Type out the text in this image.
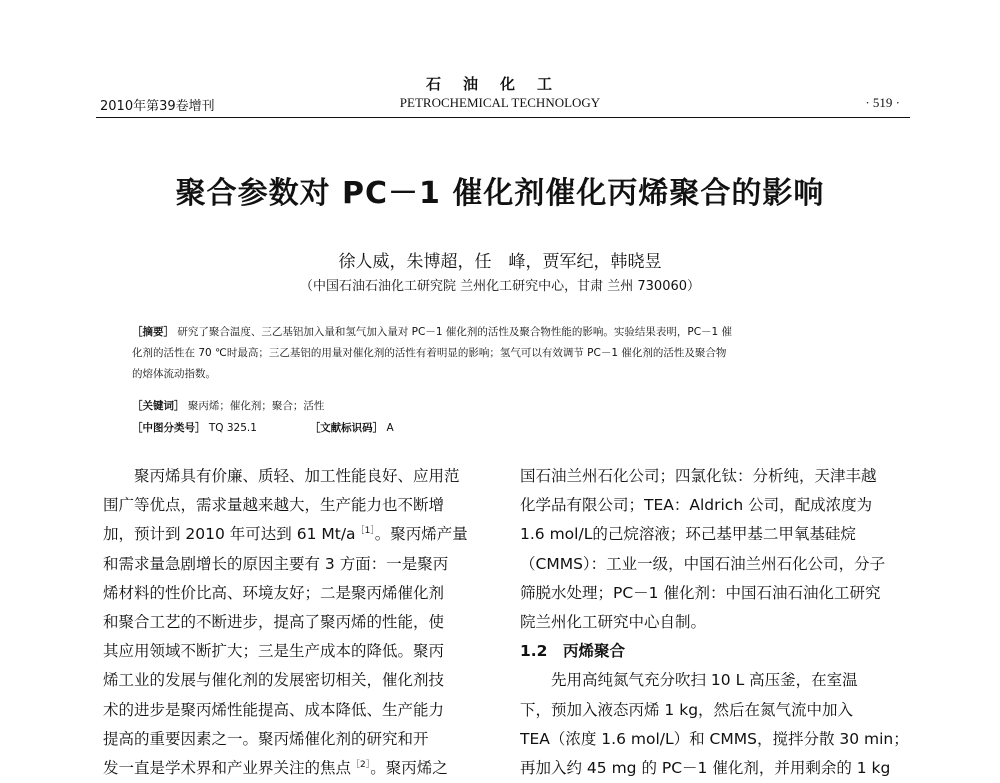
石油化工
PETROCHEMICAL TECHNOLOGY
2010年第39卷增刊	· 519 ·
聚合参数对 PC－1 催化剂催化丙烯聚合的影响
徐人威，朱博超，任　峰，贾军纪，韩晓昱
（中国石油石油化工研究院 兰州化工研究中心，甘肃 兰州 730060）
［摘要］ 研究了聚合温度、三乙基铝加入量和氢气加入量对 PC－1 催化剂的活性及聚合物性能的影响。实验结果表明，PC－1 催
化剂的活性在 70 ℃时最高；三乙基铝的用量对催化剂的活性有着明显的影响；氢气可以有效调节 PC－1 催化剂的活性及聚合物
的熔体流动指数。
［关键词］ 聚丙烯；催化剂；聚合；活性
［中图分类号］ TQ 325.1	［文献标识码］ A
聚丙烯具有价廉、质轻、加工性能良好、应用范
围广等优点，需求量越来越大，生产能力也不断增
加，预计到 2010 年可达到 61 $Mt/a^{[1]}$。聚丙烯产量
和需求量急剧增长的原因主要有 3 方面：一是聚丙
烯材料的性价比高、环境友好；二是聚丙烯催化剂
和聚合工艺的不断进步，提高了聚丙烯的性能，使
其应用领域不断扩大；三是生产成本的降低。聚丙
烯工业的发展与催化剂的发展密切相关，催化剂技
术的进步是聚丙烯性能提高、成本降低、生产能力
提高的重要因素之一。聚丙烯催化剂的研究和开
发一直是学术界和产业界关注的焦点$^{[2]}$。聚丙烯之
国石油兰州石化公司；四氯化钛：分析纯，天津丰越
化学品有限公司；TEA：Aldrich 公司，配成浓度为
1.6 mol/L的己烷溶液；环己基甲基二甲氧基硅烷
（CMMS）：工业一级，中国石油兰州石化公司，分子
筛脱水处理；PC－1 催化剂：中国石油石油化工研究
院兰州化工研究中心自制。
1.2　丙烯聚合
先用高纯氮气充分吹扫 10 L 高压釜，在室温
下，预加入液态丙烯 1 kg，然后在氮气流中加入
TEA（浓度 1.6 mol/L）和 CMMS，搅拌分散 30 min；
再加入约 45 mg 的 PC－1 催化剂，并用剩余的 1 kg
